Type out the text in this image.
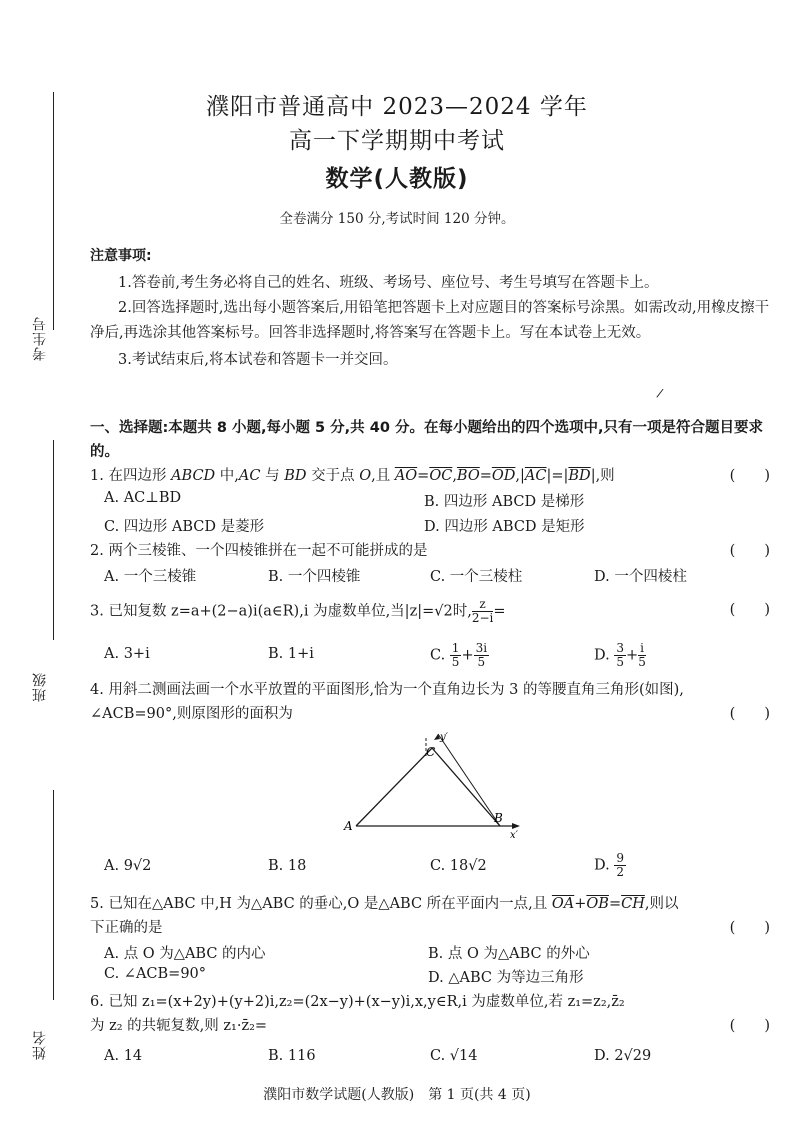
考生号
班级
姓名
濮阳市普通高中 2023—2024 学年
高一下学期期中考试
数学(人教版)
全卷满分 150 分,考试时间 120 分钟。
注意事项:
1.答卷前,考生务必将自己的姓名、班级、考场号、座位号、考生号填写在答题卡上。
2.回答选择题时,选出每小题答案后,用铅笔把答题卡上对应题目的答案标号涂黑。如需改动,用橡皮擦干净后,再选涂其他答案标号。回答非选择题时,将答案写在答题卡上。写在本试卷上无效。
3.考试结束后,将本试卷和答题卡一并交回。
/
一、选择题:本题共 8 小题,每小题 5 分,共 40 分。在每小题给出的四个选项中,只有一项是符合题目要求的。
1. 在四边形 ABCD 中,AC 与 BD 交于点 O,且 $\overline{AO}=\overline{OC},\overline{BO}=\overline{OD},|\overline{AC}|=|\overline{BD}|$,则	(　　)
A. AC⊥BD	B. 四边形 ABCD 是梯形
C. 四边形 ABCD 是菱形	D. 四边形 ABCD 是矩形
2. 两个三棱锥、一个四棱锥拼在一起不可能拼成的是	(　　)
A. 一个三棱锥	B. 一个四棱锥	C. 一个三棱柱	D. 一个四棱柱
3. 已知复数 z=a+(2−a)i(a∈R),i 为虚数单位,当|z|=√2时, $\frac{z}{2-i}$ =	(　　)
A. 3+i	B. 1+i	C. $\frac{1}{5} + \frac{3i}{5}$	D. $\frac{3}{5} + \frac{i}{5}$
4. 用斜二测画法画一个水平放置的平面图形,恰为一个直角边长为 3 的等腰直角三角形(如图),
∠ACB=90°,则原图形的面积为	(　　)
A
B
C
y′
x′
A. 9√2	B. 18	C. 18√2	D. $\frac{9}{2}$
5. 已知在△ABC 中,H 为△ABC 的垂心,O 是△ABC 所在平面内一点,且 $\overline{OA}+\overline{OB}=\overline{CH}$,则以
下正确的是	(　　)
A. 点 O 为△ABC 的内心	B. 点 O 为△ABC 的外心
C. ∠ACB=90°	D. △ABC 为等边三角形
6. 已知 z₁=(x+2y)+(y+2)i,z₂=(2x−y)+(x−y)i,x,y∈R,i 为虚数单位,若 z₁=z₂,z̄₂
为 z₂ 的共轭复数,则 z₁·z̄₂=	(　　)
A. 14	B. 116	C. √14	D. 2√29
濮阳市数学试题(人教版)　第 1 页(共 4 页)
